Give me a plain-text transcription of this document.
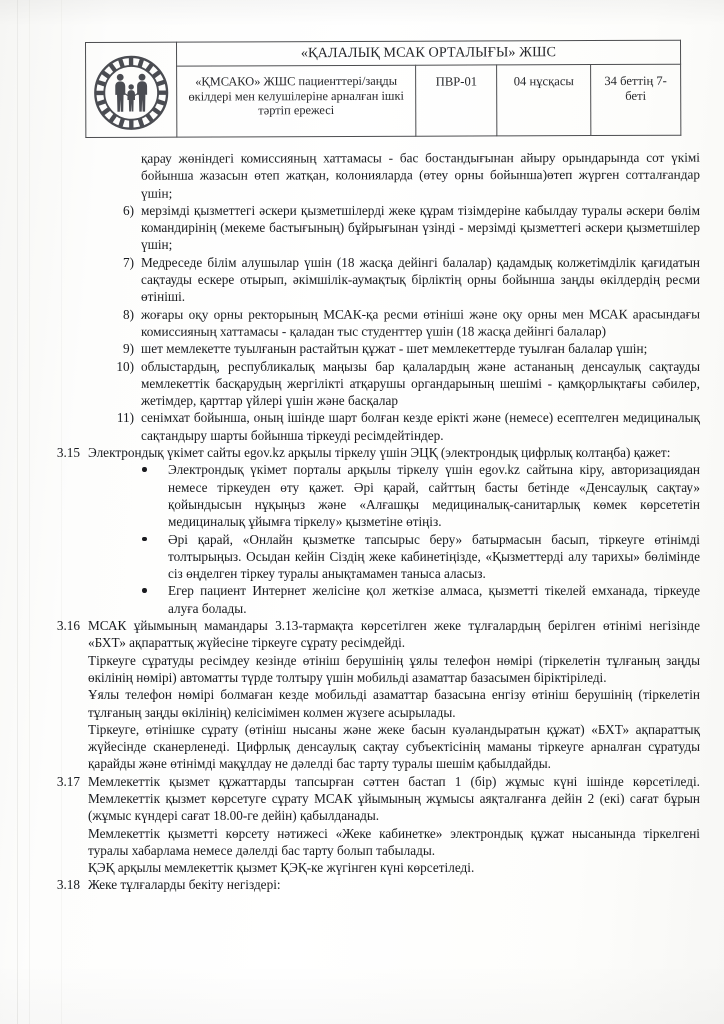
	«ҚАЛАЛЫҚ МСАК ОРТАЛЫҒЫ» ЖШС			
	«ҚМСАКО» ЖШС пациенттері/заңды өкілдері мен келушілеріне арналған ішкі тәртіп ережесі	ПВР-01	04 нұсқасы	34 беттің 7-беті
қарау жөніндегі комиссияның хаттамасы - бас бостандығынан айыру орындарында сот үкімі бойынша жазасын өтеп жатқан, колонияларда (өтеу орны бойынша)өтеп жүрген сотталғандар үшін;
6) мерзімді қызметтегі әскери қызметшілерді жеке құрам тізімдеріне кабылдау туралы әскери бөлім командирінің (мекеме бастығының) бұйрығынан үзінді - мерзімді қызметтегі әскери қызметшілер үшін;
7) Медреседе білім алушылар үшін (18 жасқа дейінгі балалар) қадамдық колжетімділік қағидатын сақтауды ескере отырып, әкімшілік-аумақтық бірліктің орны бойынша заңды өкілдердің ресми өтініші.
8) жоғары оқу орны ректорының МСАК-қа ресми өтініші және оқу орны мен МСАК арасындағы комиссияның хаттамасы - қаладан тыс студенттер үшін (18 жасқа дейінгі балалар)
9) шет мемлекетте туылғанын растайтын құжат - шет мемлекеттерде туылған балалар үшін;
10) облыстардың, республикалық маңызы бар қалалардың және астананың денсаулық сақтауды мемлекеттік басқарудың жергілікті атқарушы органдарының шешімі - қамқорлықтағы сәбилер, жетімдер, қарттар үйлері үшін және басқалар
11) сенімхат бойынша, оның ішінде шарт болған кезде ерікті және (немесе) есептелген медициналық сақтандыру шарты бойынша тіркеуді ресімдейтіндер.
3.15 Электрондық үкімет сайты egov.kz арқылы тіркелу үшін ЭЦҚ (электрондық цифрлық колтаңба) қажет:
Электрондық үкімет порталы арқылы тіркелу үшін egov.kz сайтына кіру, авторизациядан немесе тіркеуден өту қажет. Әрі қарай, сайттың басты бетінде «Денсаулық сақтау» қойындысын нұқыңыз және «Алғашқы медициналық-санитарлық көмек көрсететін медициналық ұйымға тіркелу» қызметіне өтіңіз.
Әрі қарай, «Онлайн қызметке тапсырыс беру» батырмасын басып, тіркеуге өтінімді толтырыңыз. Осыдан кейін Сіздің жеке кабинетіңізде, «Қызметтерді алу тарихы» бөлімінде сіз өңделген тіркеу туралы анықтамамен таныса аласыз.
Егер пациент Интернет желісіне қол жеткізе алмаса, қызметті тікелей емханада, тіркеуде алуға болады.
3.16 МСАК ұйымының мамандары 3.13-тармақта көрсетілген жеке тұлғалардың берілген өтінімі негізінде «БХТ» ақпараттық жүйесіне тіркеуге сұрату ресімдейді.
Тіркеуге сұратуды ресімдеу кезінде өтініш берушінің ұялы телефон нөмірі (тіркелетін тұлғаның заңды өкілінің нөмірі) автоматты түрде толтыру үшін мобильді азаматтар базасымен біріктіріледі.
Ұялы телефон нөмірі болмаған кезде мобильді азаматтар базасына енгізу өтініш берушінің (тіркелетін тұлғаның заңды өкілінің) келісімімен колмен жүзеге асырылады.
Тіркеуге, өтінішке сұрату (өтініш нысаны және жеке басын куәландыратын құжат) «БХТ» ақпараттық жүйесінде сканерленеді. Цифрлық денсаулық сақтау субъектісінің маманы тіркеуге арналған сұратуды қарайды және өтінімді мақұлдау не дәлелді бас тарту туралы шешім қабылдайды.
3.17 Мемлекеттік қызмет құжаттарды тапсырған сәттен бастап 1 (бір) жұмыс күні ішінде көрсетіледі. Мемлекеттік қызмет көрсетуге сұрату МСАК ұйымының жұмысы аяқталғанға дейін 2 (екі) сағат бұрын (жұмыс күндері сағат 18.00-ге дейін) қабылданады.
Мемлекеттік қызметті көрсету нәтижесі «Жеке кабинетке» электрондық құжат нысанында тіркелгені туралы хабарлама немесе дәлелді бас тарту болып табылады.
ҚЭҚ арқылы мемлекеттік қызмет ҚЭҚ-ке жүгінген күні көрсетіледі.
3.18 Жеке тұлғаларды бекіту негіздері:
